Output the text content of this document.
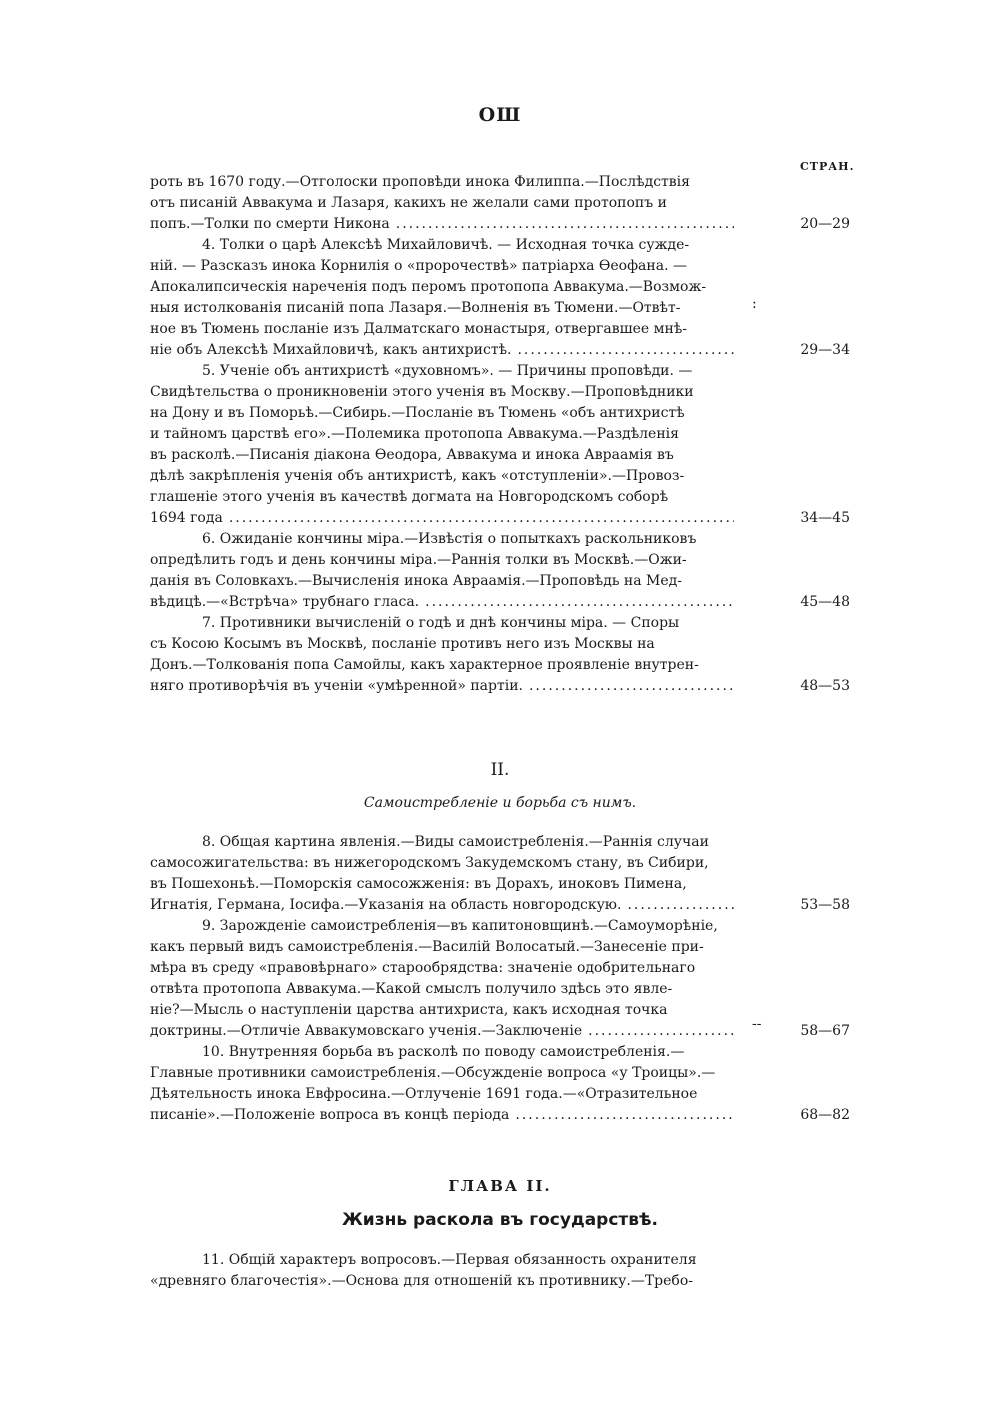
ОШ
СТРАН.
роть въ 1670 году.—Отголоски проповѣди инока Филиппа.—Послѣдствія
отъ писаній Аввакума и Лазаря, какихъ не желали сами протопопъ и
попъ.—Толки по смерти Никона .....	20—29
4. Толки о царѣ Алексѣѣ Михайловичѣ. — Исходная точка сужде-
ній. — Разсказъ инока Корнилія о «пророчествѣ» патріарха Ѳеофана. —
Апокалипсическія нареченія подъ перомъ протопопа Аввакума.—Возмож-
ныя истолкованія писаній попа Лазаря.—Волненія въ Тюмени.—Отвѣт-
ное въ Тюмень посланіе изъ Далматскаго монастыря, отвергавшее мнѣ-
ніе объ Алексѣѣ Михайловичѣ, какъ антихристѣ. .....	29—34
5. Ученіе объ антихристѣ «духовномъ». — Причины проповѣди. —
Свидѣтельства о проникновеніи этого ученія въ Москву.—Проповѣдники
на Дону и въ Поморьѣ.—Сибирь.—Посланіе въ Тюмень «объ антихристѣ
и тайномъ царствѣ его».—Полемика протопопа Аввакума.—Раздѣленія
въ расколѣ.—Писанія діакона Ѳеодора, Аввакума и инока Авраамія въ
дѣлѣ закрѣпленія ученія объ антихристѣ, какъ «отступленіи».—Провоз-
глашеніе этого ученія въ качествѣ догмата на Новгородскомъ соборѣ
1694 года .....	34—45
6. Ожиданіе кончины міра.—Извѣстія о попыткахъ раскольниковъ
опредѣлить годъ и день кончины міра.—Раннія толки въ Москвѣ.—Ожи-
данія въ Соловкахъ.—Вычисленія инока Авраамія.—Проповѣдь на Мед-
вѣдицѣ.—«Встрѣча» трубнаго гласа. .....	45—48
7. Противники вычисленій о годѣ и днѣ кончины міра. — Споры
съ Косою Косымъ въ Москвѣ, посланіе противъ него изъ Москвы на
Донъ.—Толкованія попа Самойлы, какъ характерное проявленіе внутрен-
няго противорѣчія въ ученіи «умѣренной» партіи. .....	48—53
II.
Самоистребленіе и борьба съ нимъ.
8. Общая картина явленія.—Виды самоистребленія.—Раннія случаи
самосожигательства: въ нижегородскомъ Закудемскомъ стану, въ Сибири,
въ Пошехоньѣ.—Поморскія самосожженія: въ Дорахъ, иноковъ Пимена,
Игнатія, Германа, Іосифа.—Указанія на область новгородскую. .....	53—58
9. Зарожденіе самоистребленія—въ капитоновщинѣ.—Самоуморѣніе,
какъ первый видъ самоистребленія.—Василій Волосатый.—Занесеніе при-
мѣра въ среду «правовѣрнаго» старообрядства: значеніе одобрительнаго
отвѣта протопопа Аввакума.—Какой смыслъ получило здѣсь это явле-
ніе?—Мысль о наступленіи царства антихриста, какъ исходная точка
доктрины.—Отличіе Аввакумовскаго ученія.—Заключеніе .....	58—67
10. Внутренняя борьба въ расколѣ по поводу самоистребленія.—
Главные противники самоистребленія.—Обсужденіе вопроса «у Троицы».—
Дѣятельность инока Евфросина.—Отлученіе 1691 года.—«Отразительное
писаніе».—Положеніе вопроса въ концѣ періода .....	68—82
:
--
ГЛАВА II.
Жизнь раскола въ государствѣ.
11. Общій характеръ вопросовъ.—Первая обязанность охранителя
«древняго благочестія».—Основа для отношеній къ противнику.—Требо-
